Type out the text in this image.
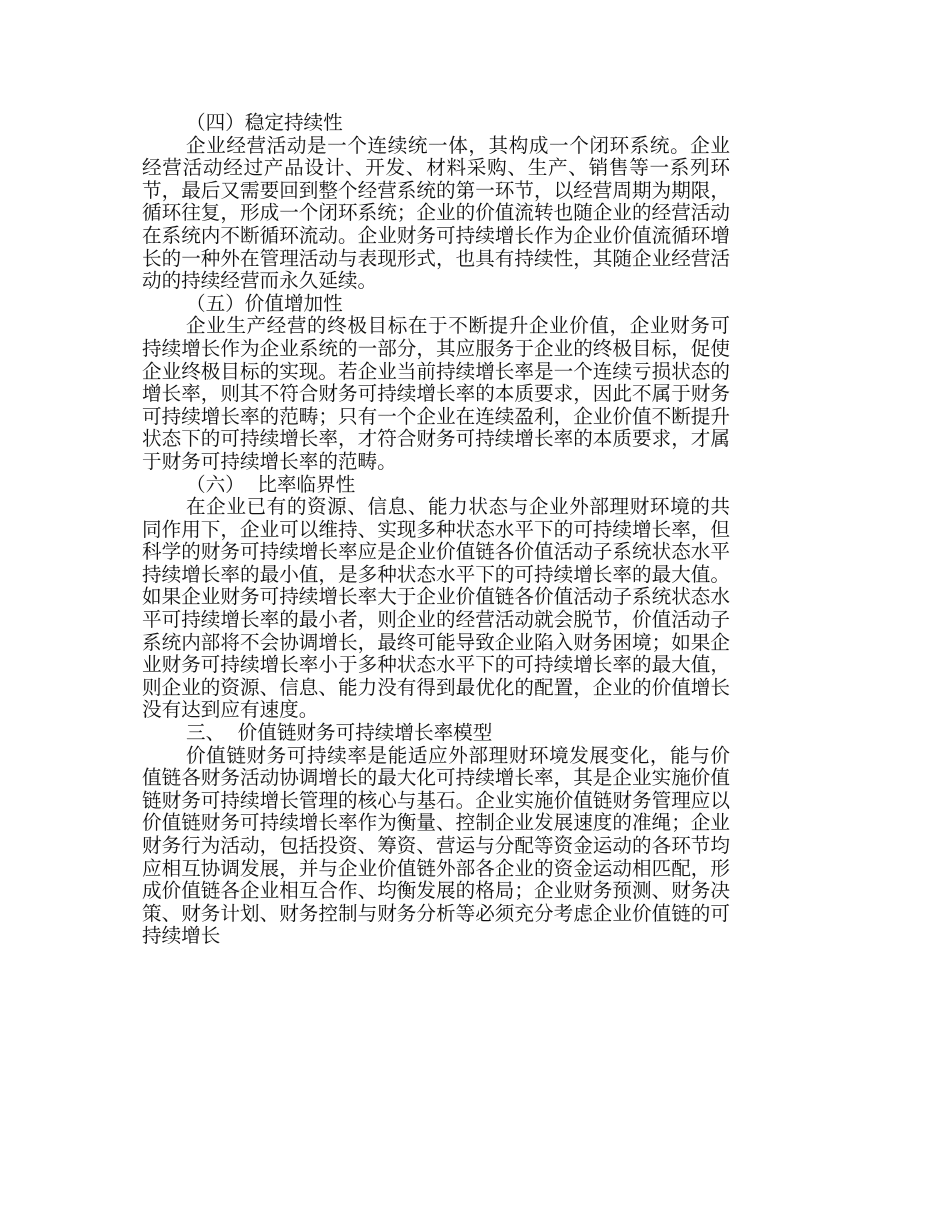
（四）稳定持续性

企业经营活动是一个连续统一体，其构成一个闭环系统。企业经营活动经过产品设计、开发、材料采购、生产、销售等一系列环节，最后又需要回到整个经营系统的第一环节，以经营周期为期限，循环往复，形成一个闭环系统；企业的价值流转也随企业的经营活动在系统内不断循环流动。企业财务可持续增长作为企业价值流循环增长的一种外在管理活动与表现形式，也具有持续性，其随企业经营活动的持续经营而永久延续。

（五）价值增加性

企业生产经营的终极目标在于不断提升企业价值，企业财务可持续增长作为企业系统的一部分，其应服务于企业的终极目标，促使企业终极目标的实现。若企业当前持续增长率是一个连续亏损状态的增长率，则其不符合财务可持续增长率的本质要求，因此不属于财务可持续增长率的范畴；只有一个企业在连续盈利，企业价值不断提升状态下的可持续增长率，才符合财务可持续增长率的本质要求，才属于财务可持续增长率的范畴。

（六）  比率临界性

在企业已有的资源、信息、能力状态与企业外部理财环境的共同作用下，企业可以维持、实现多种状态水平下的可持续增长率，但科学的财务可持续增长率应是企业价值链各价值活动子系统状态水平持续增长率的最小值，是多种状态水平下的可持续增长率的最大值。如果企业财务可持续增长率大于企业价值链各价值活动子系统状态水平可持续增长率的最小者，则企业的经营活动就会脱节，价值活动子系统内部将不会协调增长，最终可能导致企业陷入财务困境；如果企业财务可持续增长率小于多种状态水平下的可持续增长率的最大值，则企业的资源、信息、能力没有得到最优化的配置，企业的价值增长没有达到应有速度。

三、  价值链财务可持续增长率模型

价值链财务可持续率是能适应外部理财环境发展变化，能与价值链各财务活动协调增长的最大化可持续增长率，其是企业实施价值链财务可持续增长管理的核心与基石。企业实施价值链财务管理应以价值链财务可持续增长率作为衡量、控制企业发展速度的准绳；企业财务行为活动，包括投资、筹资、营运与分配等资金运动的各环节均应相互协调发展，并与企业价值链外部各企业的资金运动相匹配，形成价值链各企业相互合作、均衡发展的格局；企业财务预测、财务决策、财务计划、财务控制与财务分析等必须充分考虑企业价值链的可持续增长
